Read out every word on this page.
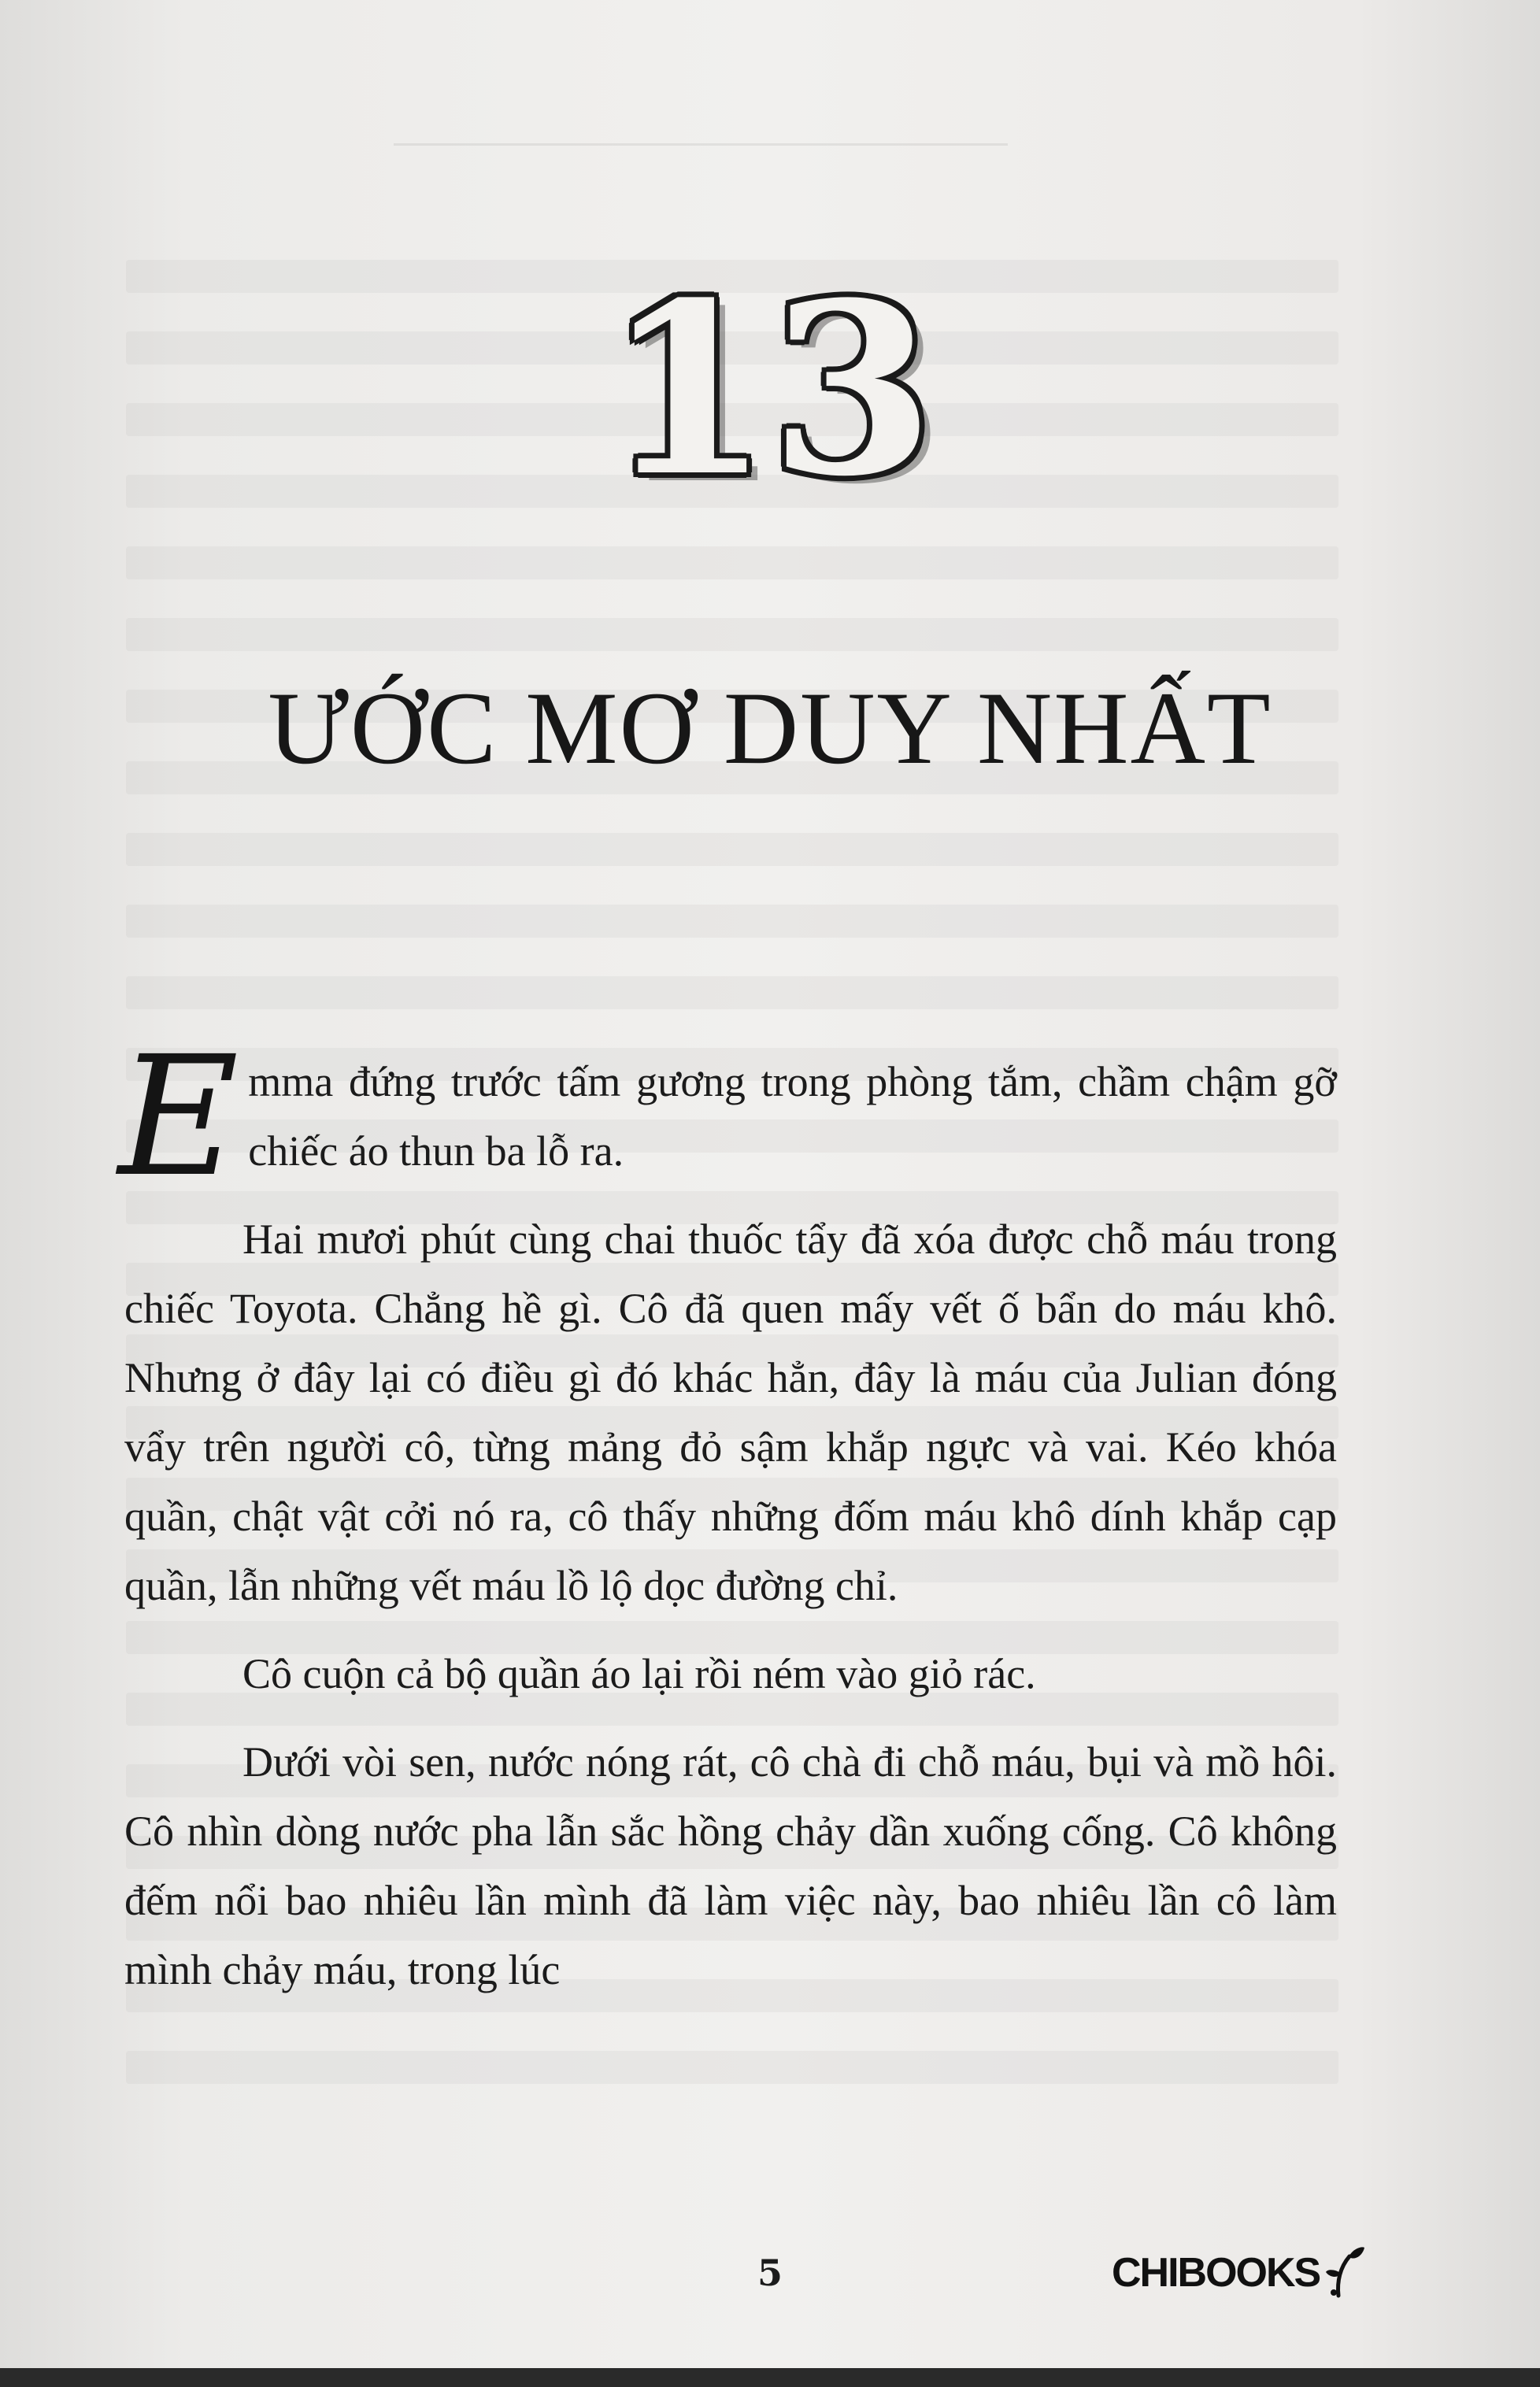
13
ƯỚC MƠ DUY NHẤT

Emma đứng trước tấm gương trong phòng tắm, chầm chậm gỡ chiếc áo thun ba lỗ ra.

Hai mươi phút cùng chai thuốc tẩy đã xóa được chỗ máu trong chiếc Toyota. Chẳng hề gì. Cô đã quen mấy vết ố bẩn do máu khô. Nhưng ở đây lại có điều gì đó khác hẳn, đây là máu của Julian đóng vẩy trên người cô, từng mảng đỏ sậm khắp ngực và vai. Kéo khóa quần, chật vật cởi nó ra, cô thấy những đốm máu khô dính khắp cạp quần, lẫn những vết máu lồ lộ dọc đường chỉ.

Cô cuộn cả bộ quần áo lại rồi ném vào giỏ rác.

Dưới vòi sen, nước nóng rát, cô chà đi chỗ máu, bụi và mồ hôi. Cô nhìn dòng nước pha lẫn sắc hồng chảy dần xuống cống. Cô không đếm nổi bao nhiêu lần mình đã làm việc này, bao nhiêu lần cô làm mình chảy máu, trong lúc

5	CHIBOOKS
